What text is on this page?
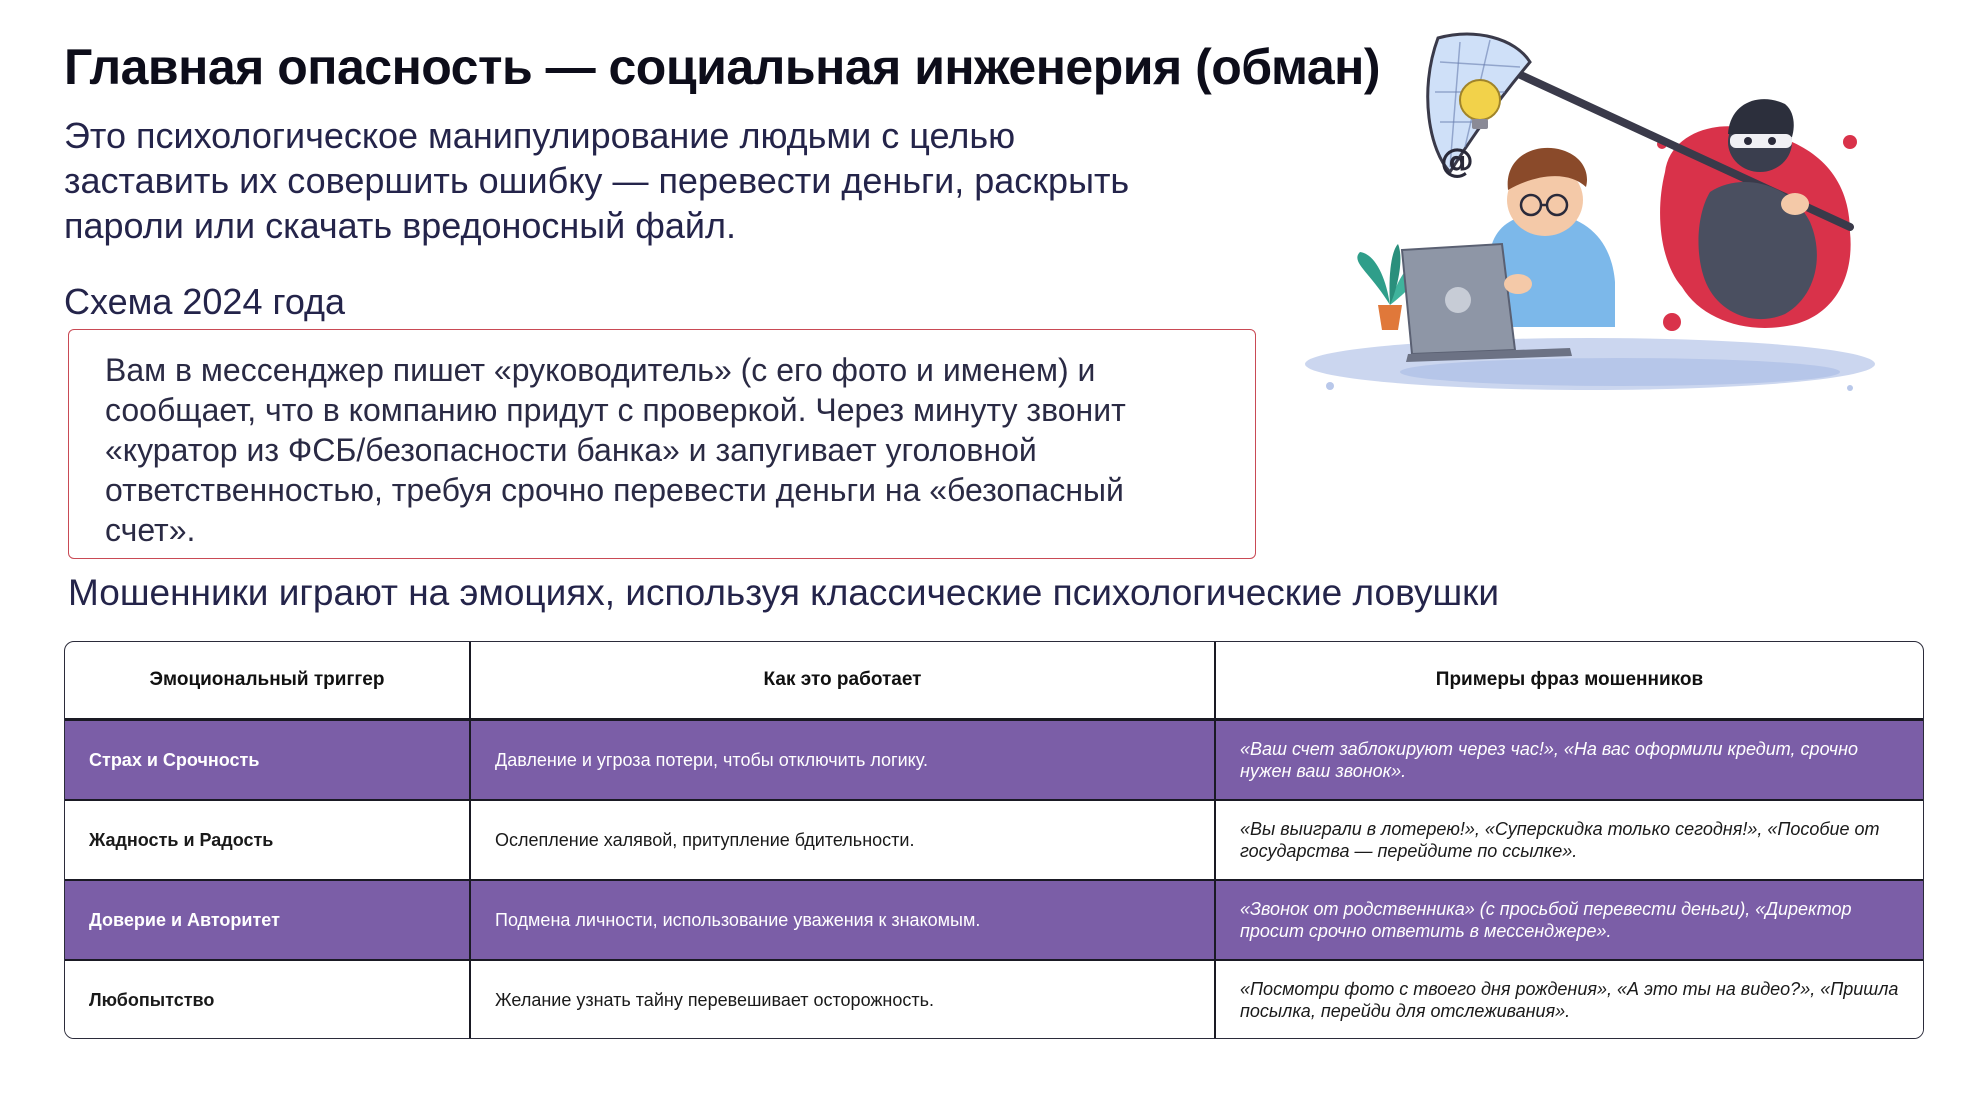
Главная опасность — социальная инженерия (обман)

Это психологическое манипулирование людьми с целью заставить их совершить ошибку — перевести деньги, раскрыть пароли или скачать вредоносный файл.

Схема 2024 года

Вам в мессенджер пишет «руководитель» (с его фото и именем) и сообщает, что в компанию придут с проверкой. Через минуту звонит «куратор из ФСБ/безопасности банка» и запугивает уголовной ответственностью, требуя срочно перевести деньги на «безопасный счет».

Мошенники играют на эмоциях, используя классические психологические ловушки
Эмоциональный триггер	Как это работает	Примеры фраз мошенников
Страх и Срочность	Давление и угроза потери, чтобы отключить логику.	«Ваш счет заблокируют через час!», «На вас оформили кредит, срочно нужен ваш звонок».
Жадность и Радость	Ослепление халявой, притупление бдительности.	«Вы выиграли в лотерею!», «Суперскидка только сегодня!», «Пособие от государства — перейдите по ссылке».
Доверие и Авторитет	Подмена личности, использование уважения к знакомым.	«Звонок от родственника» (с просьбой перевести деньги), «Директор просит срочно ответить в мессенджере».
Любопытство	Желание узнать тайну перевешивает осторожность.	«Посмотри фото с твоего дня рождения», «А это ты на видео?», «Пришла посылка, перейди для отслеживания».
@
